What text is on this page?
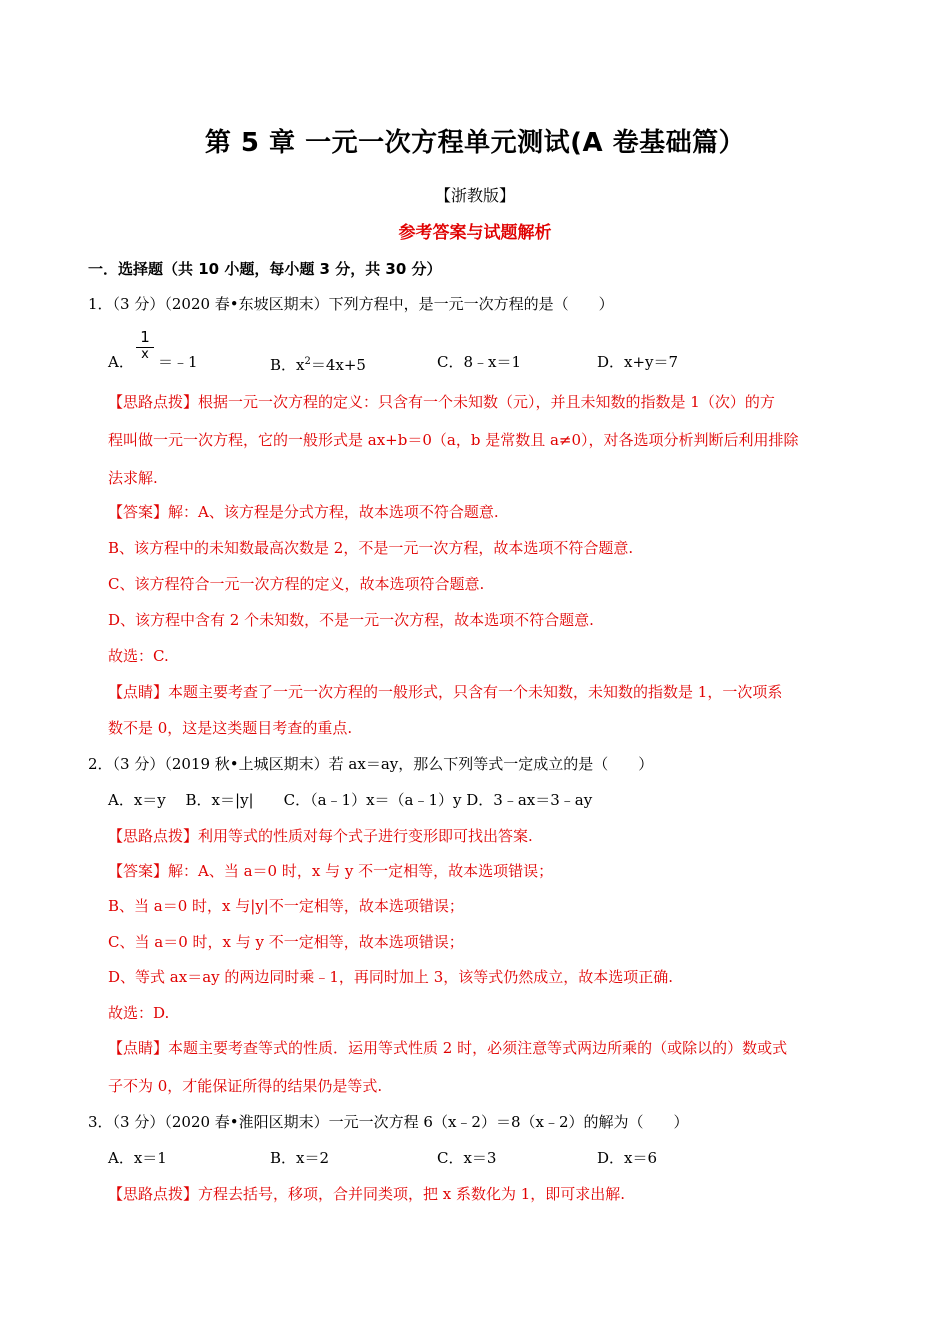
第 5 章 一元一次方程单元测试(A 卷基础篇）
【浙教版】
参考答案与试题解析
一．选择题（共 10 小题，每小题 3 分，共 30 分）
1．（3 分）（2020 春•东坡区期末）下列方程中，是一元一次方程的是（　　）
A．
1
x ＝﹣1	B．$x^2=4x+5$	C．8﹣x＝1	D．x+y＝7
【思路点拨】根据一元一次方程的定义：只含有一个未知数（元），并且未知数的指数是 1（次）的方
程叫做一元一次方程，它的一般形式是 ax+b＝0（a，b 是常数且 a≠0），对各选项分析判断后利用排除
法求解.
【答案】解：A、该方程是分式方程，故本选项不符合题意.
B、该方程中的未知数最高次数是 2，不是一元一次方程，故本选项不符合题意.
C、该方程符合一元一次方程的定义，故本选项符合题意.
D、该方程中含有 2 个未知数，不是一元一次方程，故本选项不符合题意.
故选：C.
【点睛】本题主要考查了一元一次方程的一般形式，只含有一个未知数，未知数的指数是 1，一次项系
数不是 0，这是这类题目考查的重点.
2．（3 分）（2019 秋•上城区期末）若 ax＝ay，那么下列等式一定成立的是（　　）
A．x＝y　 B．x＝|y|　　C．（a﹣1）x＝（a﹣1）y D．3﹣ax＝3﹣ay
【思路点拨】利用等式的性质对每个式子进行变形即可找出答案.
【答案】解：A、当 a＝0 时，x 与 y 不一定相等，故本选项错误；
B、当 a＝0 时，x 与|y|不一定相等，故本选项错误；
C、当 a＝0 时，x 与 y 不一定相等，故本选项错误；
D、等式 ax＝ay 的两边同时乘﹣1，再同时加上 3，该等式仍然成立，故本选项正确.
故选：D.
【点睛】本题主要考查等式的性质．运用等式性质 2 时，必须注意等式两边所乘的（或除以的）数或式
子不为 0，才能保证所得的结果仍是等式.
3．（3 分）（2020 春•淮阳区期末）一元一次方程 6（x﹣2）＝8（x﹣2）的解为（　　）
A．x＝1	B．x＝2	C．x＝3	D．x＝6
【思路点拨】方程去括号，移项，合并同类项，把 x 系数化为 1，即可求出解.
